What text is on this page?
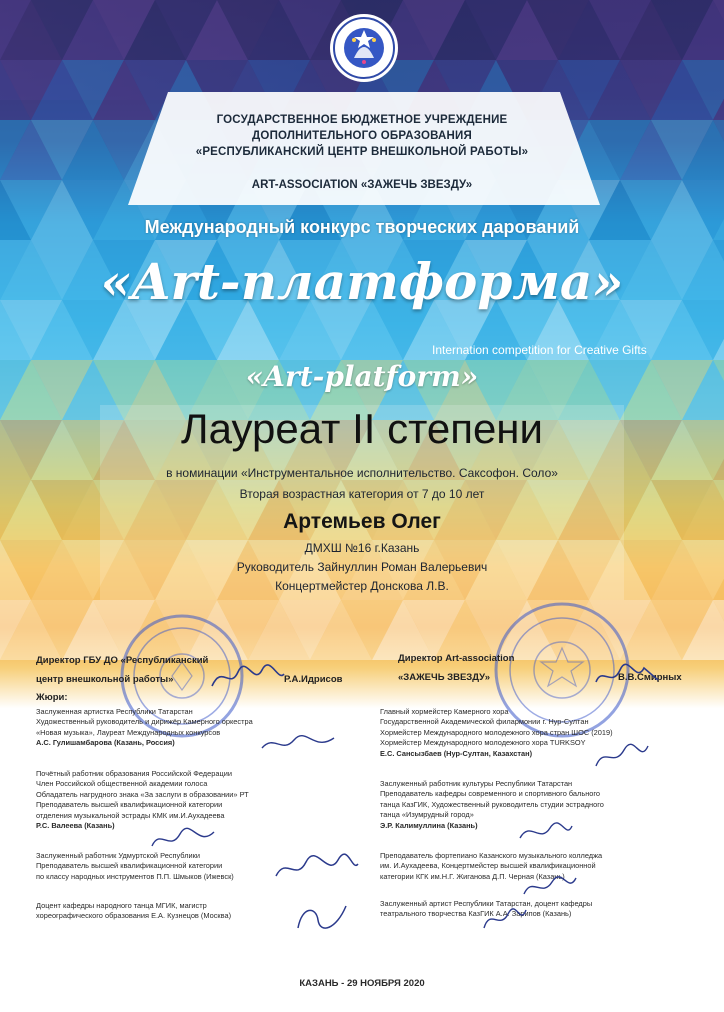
ГОСУДАРСТВЕННОЕ БЮДЖЕТНОЕ УЧРЕЖДЕНИЕ
ДОПОЛНИТЕЛЬНОГО ОБРАЗОВАНИЯ
«РЕСПУБЛИКАНСКИЙ ЦЕНТР ВНЕШКОЛЬНОЙ РАБОТЫ»
ART-ASSOCIATION «ЗАЖЕЧЬ ЗВЕЗДУ»
Международный конкурс творческих дарований
«Art-платформа»
Internation competition for Creative Gifts
«Art-platform»
Лауреат II степени
в номинации «Инструментальное исполнительство. Саксофон. Соло»
Вторая возрастная категория от 7 до 10 лет
Артемьев Олег
ДМХШ №16 г.Казань
Руководитель Зайнуллин Роман Валерьевич
Концертмейстер Донскова Л.В.
Директор ГБУ ДО «Республиканский
центр внешкольной работы»	Р.А.Идрисов
Директор Art-association
«ЗАЖЕЧЬ ЗВЕЗДУ»	В.В.Смирных
Жюри:
Заслуженная артистка Республики Татарстан
Художественный руководитель и дирижёр Камерного оркестра
«Новая музыка», Лауреат Международных конкурсов
А.С. Гулишамбарова (Казань, Россия)
Почётный работник образования Российской Федерации
Член Российской общественной академии голоса
Обладатель нагрудного знака «За заслуги в образовании» РТ
Преподаватель высшей квалификационной категории
отделения музыкальной эстрады КМК им.И.Аухадеева
Р.С. Валеева (Казань)
Заслуженный работник Удмуртской Республики
Преподаватель высшей квалификационной категории
по классу народных инструментов П.П. Шмыков (Ижевск)
Доцент кафедры народного танца МГИК, магистр
хореографического образования Е.А. Кузнецов (Москва)
Главный хормейстер Камерного хора
Государственной Академической филармонии г. Нур-Султан
Хормейстер Международного молодежного хора стран ШОС (2019)
Хормейстер Международного молодежного хора TURKSOY
Е.С. Сансызбаев (Нур-Султан, Казахстан)
Заслуженный работник культуры Республики Татарстан
Преподаватель кафедры современного и спортивного бального
танца КазГИК, Художественный руководитель студии эстрадного
танца «Изумрудный город»
Э.Р. Калимуллина (Казань)
Преподаватель фортепиано Казанского музыкального колледжа
им. И.Аухадеева, Концертмейстер высшей квалификационной
категории КГК им.Н.Г. Жиганова Д.П. Черная (Казань)
Заслуженный артист Республики Татарстан, доцент кафедры
театрального творчества КазГИК А.А. Зарипов (Казань)
КАЗАНЬ - 29 НОЯБРЯ 2020
